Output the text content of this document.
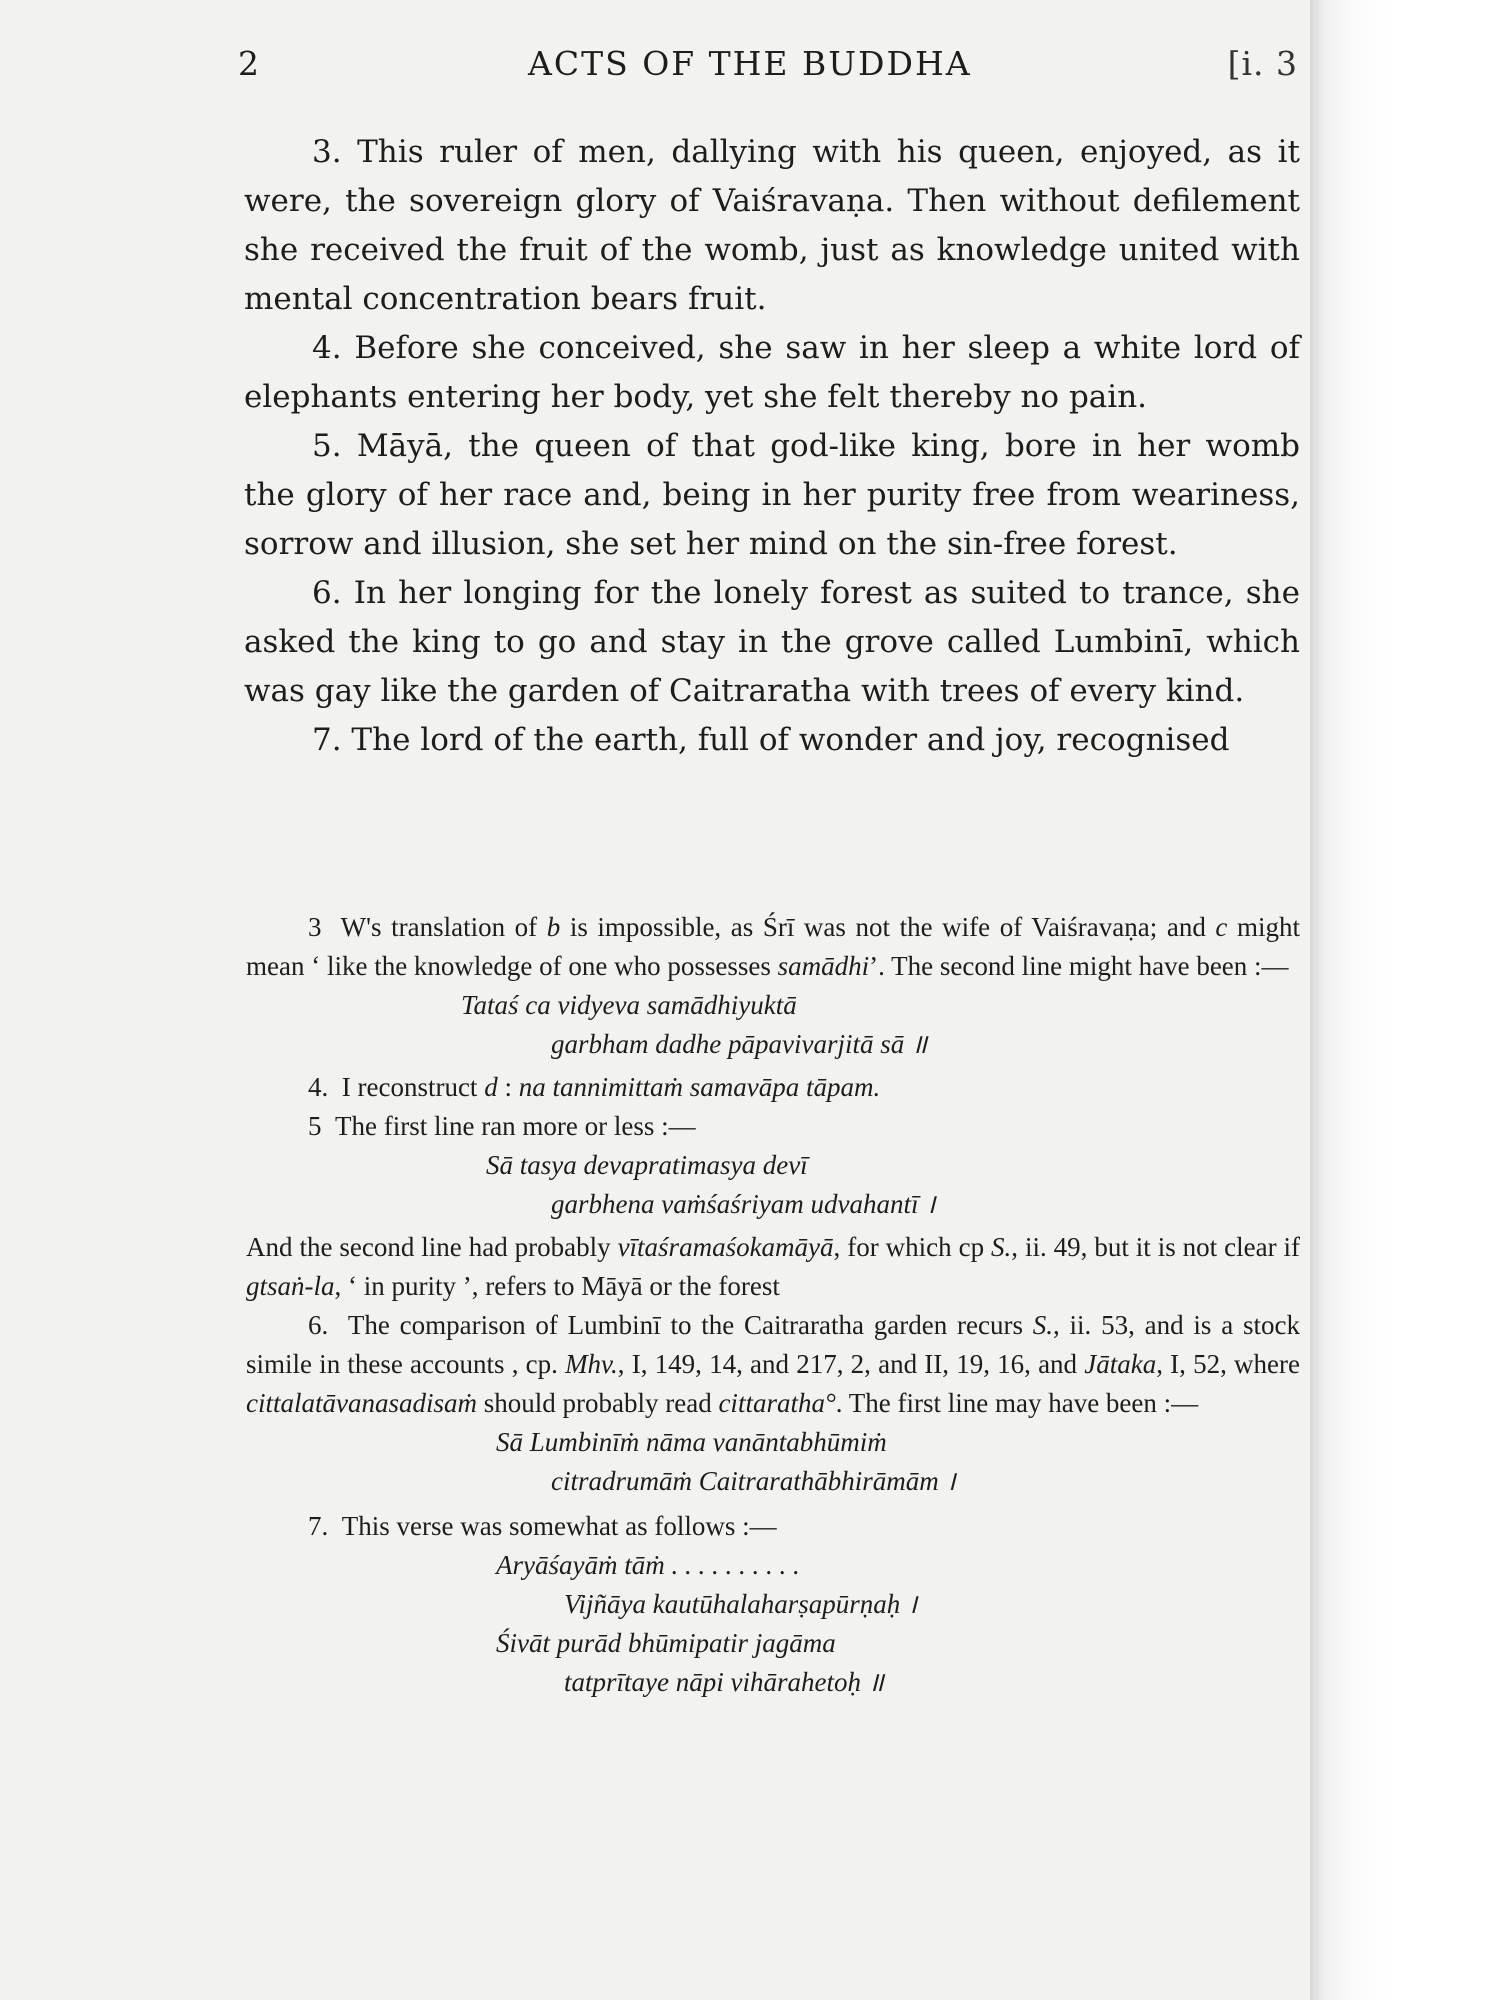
2	ACTS OF THE BUDDHA	[i. 3

3. This ruler of men, dallying with his queen, enjoyed, as it were, the sovereign glory of Vaiśravaṇa. Then without defilement she received the fruit of the womb, just as knowledge united with mental concentration bears fruit.

4. Before she conceived, she saw in her sleep a white lord of elephants entering her body, yet she felt thereby no pain.

5. Māyā, the queen of that god-like king, bore in her womb the glory of her race and, being in her purity free from weariness, sorrow and illusion, she set her mind on the sin-free forest.

6. In her longing for the lonely forest as suited to trance, she asked the king to go and stay in the grove called Lumbinī, which was gay like the garden of Caitraratha with trees of every kind.

7. The lord of the earth, full of wonder and joy, recognised

3 W's translation of b is impossible, as Śrī was not the wife of Vaiśravaṇa; and c might mean ‘ like the knowledge of one who possesses samādhi’. The second line might have been :—

Tataś ca vidyeva samādhiyuktā
garbham dadhe pāpavivarjitā sā ॥

4. I reconstruct d : na tannimittaṁ samavāpa tāpam.

5 The first line ran more or less :—

Sā tasya devapratimasya devī
garbhena vaṁśaśriyam udvahantī ।

And the second line had probably vītaśramaśokamāyā, for which cp S., ii. 49, but it is not clear if gtsaṅ-la, ‘ in purity ’, refers to Māyā or the forest

6. The comparison of Lumbinī to the Caitraratha garden recurs S., ii. 53, and is a stock simile in these accounts , cp. Mhv., I, 149, 14, and 217, 2, and II, 19, 16, and Jātaka, I, 52, where cittalatāvanasadisaṁ should probably read cittaratha°. The first line may have been :—

Sā Lumbinīṁ nāma vanāntabhūmiṁ
citradrumāṁ Caitrarathābhirāmām ।

7. This verse was somewhat as follows :—

Aryāśayāṁ tāṁ . . . . . . . . . .
Vijñāya kautūhalaharṣapūrṇaḥ ।
Śivāt purād bhūmipatir jagāma
tatprītaye nāpi vihārahetoḥ ॥
